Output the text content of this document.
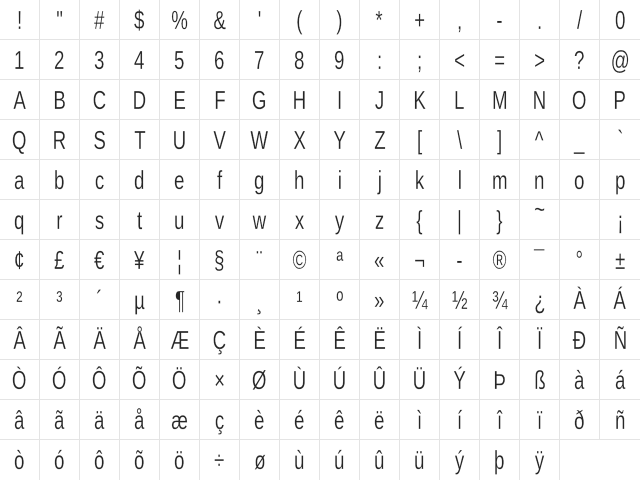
! " # $ % & ' ( ) * + , - . / 0
1 2 3 4 5 6 7 8 9 : ; < = > ? @
A B C D E F G H I J K L M N O P
Q R S T U V W X Y Z [ \ ] ^ _ `
a b c d e f g h i j k l m n o p
q r s t u v w x y z { | } ~	¡
¢ £ € ¥ ¦ § ¨ © ª « ¬ - ® ¯ ° ±
² ³ ´ µ ¶ · ¸ ¹ º » ¼ ½ ¾ ¿ À Á
Â Ã Ä Å Æ Ç È É Ê Ë Ì Í Î Ï Ð Ñ
Ò Ó Ô Õ Ö × Ø Ù Ú Û Ü Ý Þ ß à á
â ã ä å æ ç è é ê ë ì í î ï ð ñ
ò ó ô õ ö ÷ ø ù ú û ü ý þ ÿ
